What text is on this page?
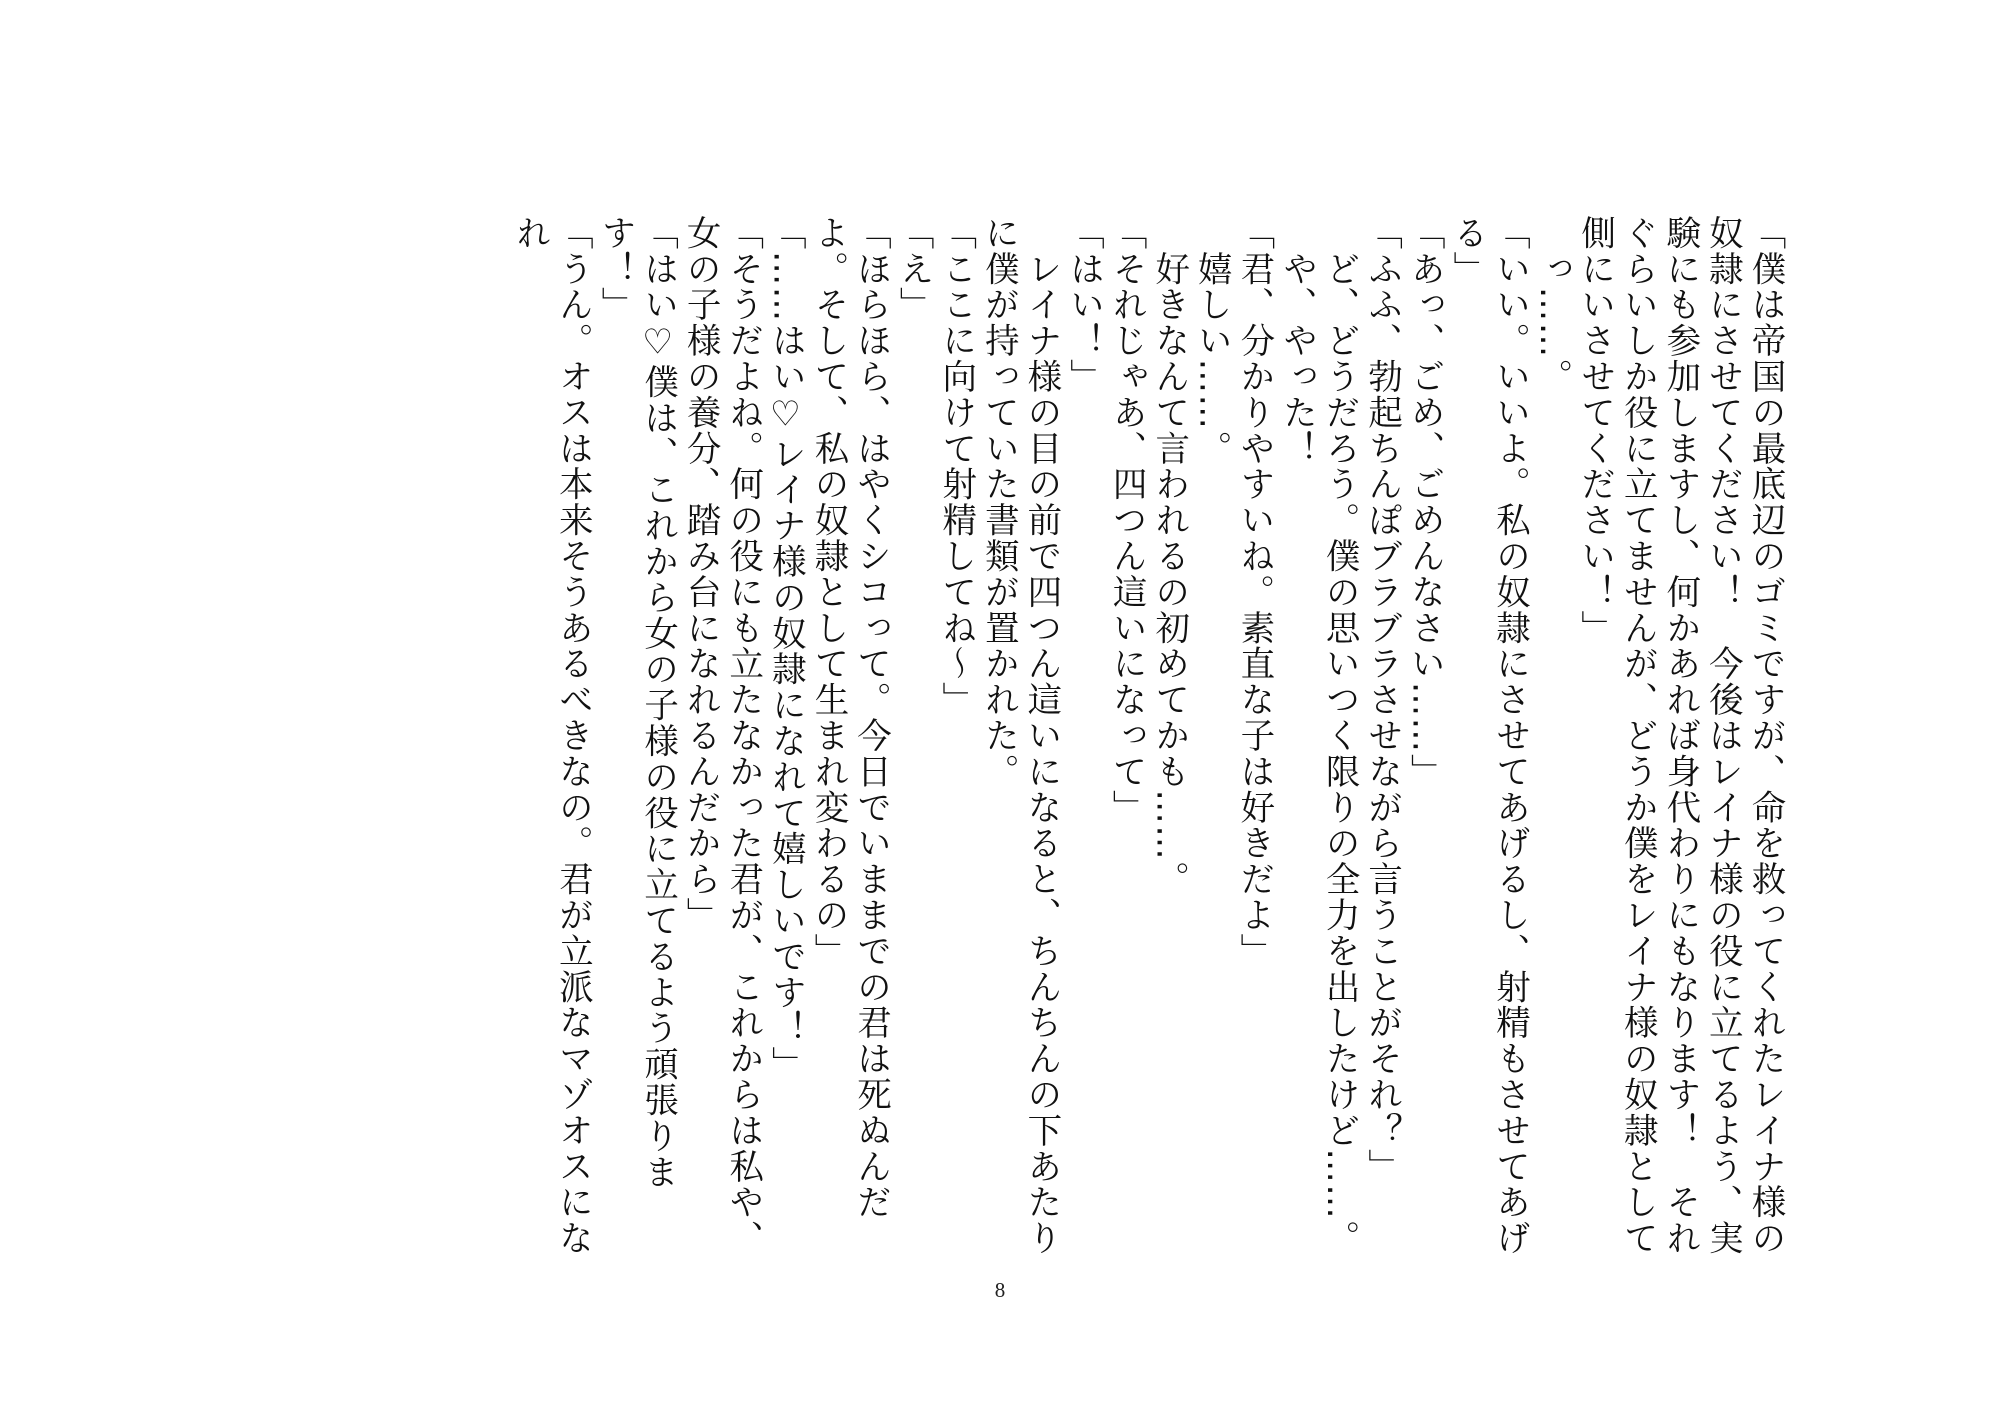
「僕は帝国の最底辺のゴミですが、命を救ってくれたレイナ様の奴隷にさせてください！　今後はレイナ様の役に立てるよう、実験にも参加しますし、何かあれば身代わりにもなります！　それぐらいしか役に立てませんが、どうか僕をレイナ様の奴隷として側にいさせてください！」

　っ……。

「いい。いいよ。私の奴隷にさせてあげるし、射精もさせてあげる」

「あっ、ごめ、ごめんなさい……」

「ふふ、勃起ちんぽブラブラさせながら言うことがそれ？」

　ど、どうだろう。僕の思いつく限りの全力を出したけど……。

　や、やった！

「君、分かりやすいね。素直な子は好きだよ」

　嬉しい……。

　好きなんて言われるの初めてかも……。

「それじゃあ、四つん這いになって」

「はい！」

　レイナ様の目の前で四つん這いになると、ちんちんの下あたりに僕が持っていた書類が置かれた。

「ここに向けて射精してね〜」

「え」

「ほらほら、はやくシコって。今日でいままでの君は死ぬんだよ。そして、私の奴隷として生まれ変わるの」

「……はい♡レイナ様の奴隷になれて嬉しいです！」

「そうだよね。何の役にも立たなかった君が、これからは私や、女の子様の養分、踏み台になれるんだから」

「はい♡僕は、これから女の子様の役に立てるよう頑張ります！」

「うん。オスは本来そうあるべきなの。君が立派なマゾオスになれ

8
